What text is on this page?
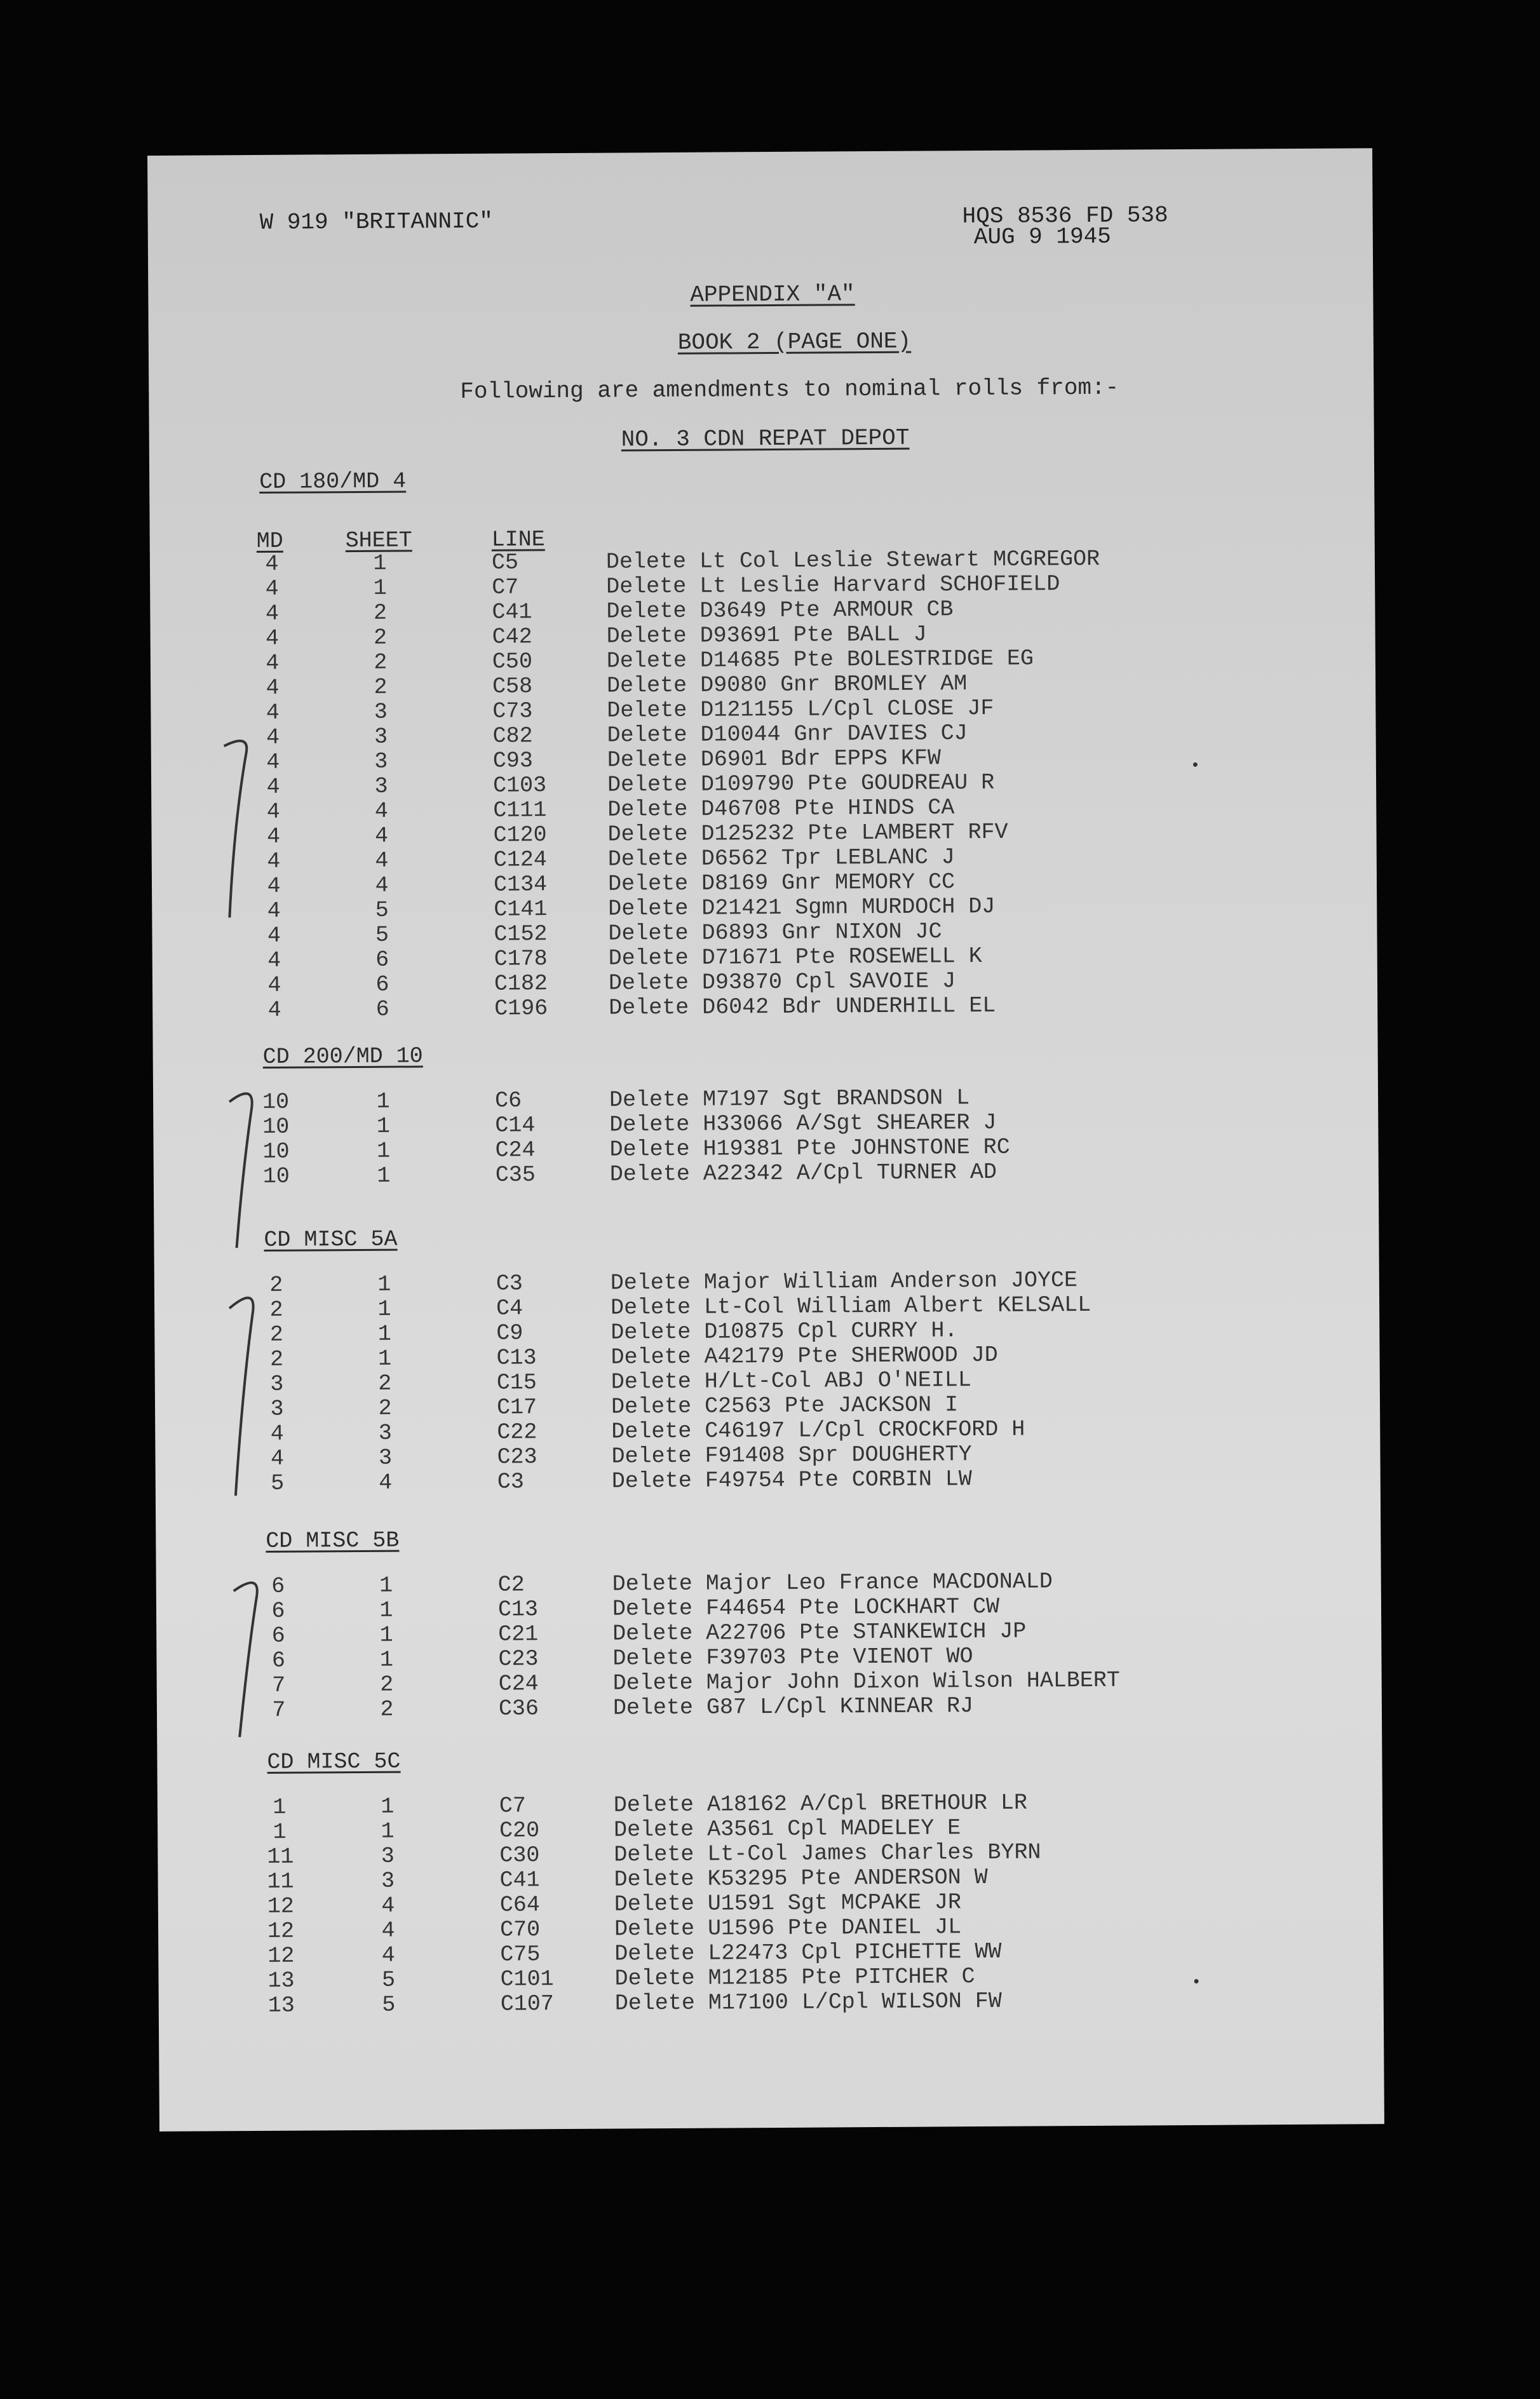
W 919 "BRITANNIC"	HQS 8536 FD 538
AUG 9 1945
APPENDIX "A"
BOOK 2 (PAGE ONE)
Following are amendments to nominal rolls from:-
NO. 3 CDN REPAT DEPOT
MD	SHEET	LINE
CD 180/MD 4
4	1	C5	Delete Lt Col Leslie Stewart MCGREGOR
4	1	C7	Delete Lt Leslie Harvard SCHOFIELD
4	2	C41	Delete D3649 Pte ARMOUR CB
4	2	C42	Delete D93691 Pte BALL J
4	2	C50	Delete D14685 Pte BOLESTRIDGE EG
4	2	C58	Delete D9080 Gnr BROMLEY AM
4	3	C73	Delete D121155 L/Cpl CLOSE JF
4	3	C82	Delete D10044 Gnr DAVIES CJ
4	3	C93	Delete D6901 Bdr EPPS KFW
4	3	C103	Delete D109790 Pte GOUDREAU R
4	4	C111	Delete D46708 Pte HINDS CA
4	4	C120	Delete D125232 Pte LAMBERT RFV
4	4	C124	Delete D6562 Tpr LEBLANC J
4	4	C134	Delete D8169 Gnr MEMORY CC
4	5	C141	Delete D21421 Sgmn MURDOCH DJ
4	5	C152	Delete D6893 Gnr NIXON JC
4	6	C178	Delete D71671 Pte ROSEWELL K
4	6	C182	Delete D93870 Cpl SAVOIE J
4	6	C196	Delete D6042 Bdr UNDERHILL EL
CD 200/MD 10
10	1	C6	Delete M7197 Sgt BRANDSON L
10	1	C14	Delete H33066 A/Sgt SHEARER J
10	1	C24	Delete H19381 Pte JOHNSTONE RC
10	1	C35	Delete A22342 A/Cpl TURNER AD
CD MISC 5A
2	1	C3	Delete Major William Anderson JOYCE
2	1	C4	Delete Lt-Col William Albert KELSALL
2	1	C9	Delete D10875 Cpl CURRY H.
2	1	C13	Delete A42179 Pte SHERWOOD JD
3	2	C15	Delete H/Lt-Col ABJ O'NEILL
3	2	C17	Delete C2563 Pte JACKSON I
4	3	C22	Delete C46197 L/Cpl CROCKFORD H
4	3	C23	Delete F91408 Spr DOUGHERTY
5	4	C3	Delete F49754 Pte CORBIN LW
CD MISC 5B
6	1	C2	Delete Major Leo France MACDONALD
6	1	C13	Delete F44654 Pte LOCKHART CW
6	1	C21	Delete A22706 Pte STANKEWICH JP
6	1	C23	Delete F39703 Pte VIENOT WO
7	2	C24	Delete Major John Dixon Wilson HALBERT
7	2	C36	Delete G87 L/Cpl KINNEAR RJ
CD MISC 5C
1	1	C7	Delete A18162 A/Cpl BRETHOUR LR
1	1	C20	Delete A3561 Cpl MADELEY E
11	3	C30	Delete Lt-Col James Charles BYRN
11	3	C41	Delete K53295 Pte ANDERSON W
12	4	C64	Delete U1591 Sgt MCPAKE JR
12	4	C70	Delete U1596 Pte DANIEL JL
12	4	C75	Delete L22473 Cpl PICHETTE WW
13	5	C101	Delete M12185 Pte PITCHER C
13	5	C107	Delete M17100 L/Cpl WILSON FW
